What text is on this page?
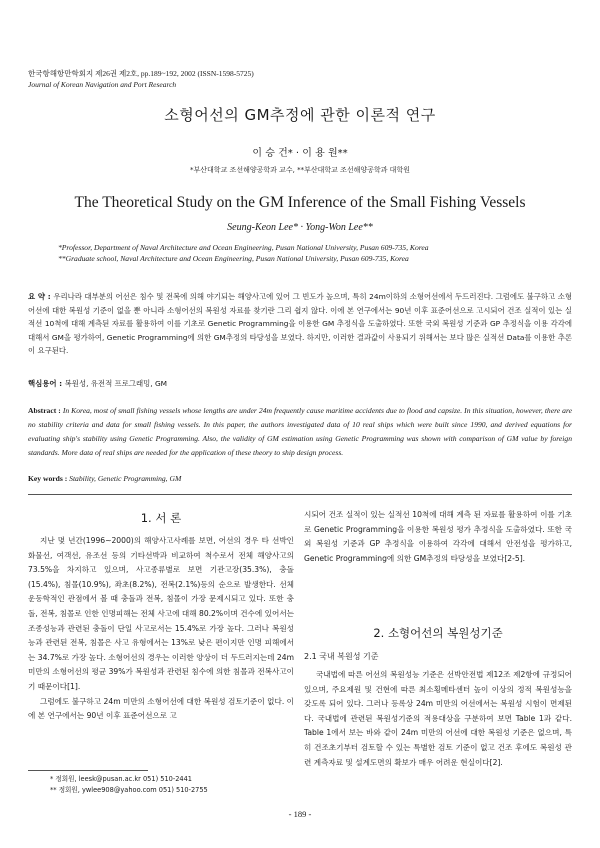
한국항해항만학회지 제26권 제2호, pp.189~192, 2002 (ISSN-1598-5725)
Journal of Korean Navigation and Port Research
소형어선의 GM추정에 관한 이론적 연구
이 승 건* · 이 용 원**
*부산대학교 조선해양공학과 교수, **부산대학교 조선해양공학과 대학원
The Theoretical Study on the GM Inference of the Small Fishing Vessels
Seung-Keon Lee* · Yong-Won Lee**
*Professor, Department of Naval Architecture and Ocean Engineering, Pusan National University, Pusan 609-735, Korea
**Graduate school, Naval Architecture and Ocean Engineering, Pusan National University, Pusan 609-735, Korea
요 약 : 우리나라 대부분의 어선은 침수 및 전복에 의해 야기되는 해양사고에 있어 그 빈도가 높으며, 특히 24m이하의 소형어선에서 두드러진다. 그럼에도 불구하고 소형어선에 대한 복원성 기준이 없을 뿐 아니라 소형어선의 복원성 자료를 찾기란 그리 쉽지 않다. 이에 본 연구에서는 90년 이후 표준어선으로 고시되어 건조 실적이 있는 실적선 10척에 대해 계측된 자료를 활용하여 이를 기초로 Genetic Programming을 이용한 GM 추정식을 도출하였다. 또한 국외 복원성 기준과 GP 추정식을 이용 각각에 대해서 GM을 평가하여, Genetic Programming에 의한 GM추정의 타당성을 보였다. 하지만, 이러한 결과값이 사용되기 위해서는 보다 많은 실적선 Data를 이용한 추론이 요구된다.
핵심용어 : 복원성, 유전적 프로그래밍, GM
Abstract : In Korea, most of small fishing vessels whose lengths are under 24m frequently cause maritime accidents due to flood and capsize. In this situation, however, there are no stability criteria and data for small fishing vessels. In this paper, the authors investigated data of 10 real ships which were built since 1990, and derived equations for evaluating ship's stability using Genetic Programming. Also, the validity of GM estimation using Genetic Programming was shown with comparison of GM value by foreign standards. More data of real ships are needed for the application of these theory to ship design process.
Key words : Stability, Genetic Programming, GM
1. 서 론

지난 몇 년간(1996~2000)의 해양사고사례를 보면, 어선의 경우 타 선박인 화물선, 여객선, 유조선 등의 기타선박과 비교하여 척수로서 전체 해양사고의 73.5%을 차지하고 있으며, 사고종류별로 보면 기관고장(35.3%), 충돌(15.4%), 침몰(10.9%), 좌초(8.2%), 전복(2.1%)등의 순으로 발생한다. 선체운동학적인 관점에서 볼 때 충돌과 전복, 침몰이 가장 문제시되고 있다. 또한 충돌, 전복, 침몰로 인한 인명피해는 전체 사고에 대해 80.2%이며 건수에 있어서는 조종성능과 관련된 충돌이 단일 사고로서는 15.4%로 가장 높다. 그러나 복원성능과 관련된 전복, 침몰은 사고 유형에서는 13%로 낮은 편이지만 인명 피해에서는 34.7%로 가장 높다. 소형어선의 경우는 이러한 양상이 더 두드러지는데 24m 미만의 소형어선의 평균 39%가 복원성과 관련된 침수에 의한 침몰과 전복사고이기 때문이다[1].

그럼에도 불구하고 24m 미만의 소형어선에 대한 복원성 검토기준이 없다. 이에 본 연구에서는 90년 이후 표준어선으로 고

시되어 건조 실적이 있는 실적선 10척에 대해 계측 된 자료를 활용하여 이를 기초로 Genetic Programming을 이용한 복원성 평가 추정식을 도출하였다. 또한 국외 복원성 기준과 GP 추정식을 이용하여 각각에 대해서 안전성을 평가하고, Genetic Programming에 의한 GM추정의 타당성을 보였다[2-5].

2. 소형어선의 복원성기준
2.1 국내 복원성 기준

국내법에 따른 어선의 복원성능 기준은 선박안전법 제12조 제2항에 규정되어 있으며, 주요제원 및 건현에 따른 최소횡메타센터 높이 이상의 정적 복원성능을 갖도록 되어 있다. 그러나 등록상 24m 미만의 어선에서는 복원성 시험이 면제된다. 국내법에 관련된 복원성기준의 적용대상을 구분하여 보면 Table 1과 같다. Table 1에서 보는 바와 같이 24m 미만의 어선에 대한 복원성 기준은 없으며, 특히 건조초기부터 검토할 수 있는 특별한 검토 기준이 없고 건조 후에도 복원성 관련 계측자료 및 설계도면의 확보가 매우 어려운 현실이다[2].

* 정회원, leesk@pusan.ac.kr 051) 510-2441
** 정회원, ywlee908@yahoo.com 051) 510-2755
- 189 -
